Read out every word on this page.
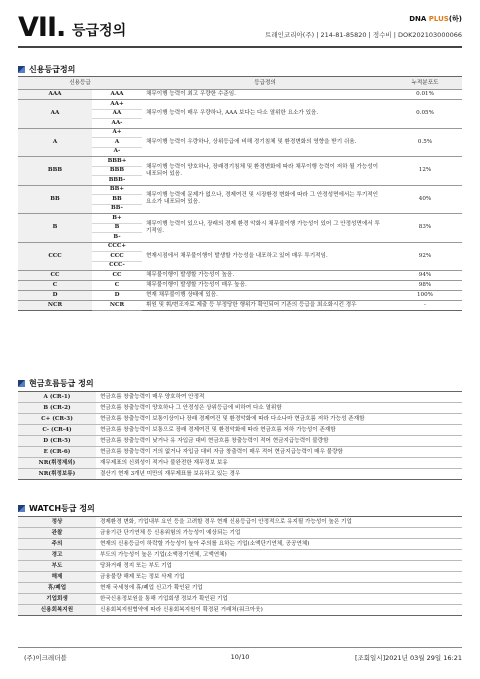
VII. 등급정의
DNA PLUS(하)
트래인코리아(주) | 214-81-85820 | 정수비 | DOK202103000066
신용등급정의
신용등급		등급정의	누적분포도
AAA	AAA	채무이행 능력이 최고 우량한 수준임.	0.01%
AA	AA+	채무이행 능력이 매우 우량하나, AAA 보다는 다소 열위한 요소가 있음.	0.05%
	AA		
	AA-		
A	A+	채무이행 능력이 우량하나, 상위등급에 비해 경기침체 및 환경변화의 영향을 받기 쉬움.	0.5%
	A		
	A-		
BBB	BBB+	채무이행 능력이 양호하나, 장래경기침체 및 환경변화에 따라 채무이행 능력이 저하 될 가능성이 내포되어 있음.	12%
	BBB		
	BBB-		
BB	BB+	채무이행 능력에 문제가 없으나, 경제여건 및 시장환경 변화에 따라 그 안정성면에서는 투기적인 요소가 내포되어 있음.	40%
	BB		
	BB-		
B	B+	채무이행 능력이 있으나, 장래의 경제 환경 악화시 채무불이행 가능성이 있어 그 안정성면에서 투기적임.	83%
	B		
	B-		
CCC	CCC+	현재시점에서 채무불이행이 발생할 가능성을 내포하고 있어 매우 투기적임.	92%
	CCC		
	CCC-		
CC	CC	채무불이행이 발생할 가능성이 높음.	94%
C	C	채무불이행이 발생할 가능성이 매우 높음.	98%
D	D	현재 채무불이행 상태에 있음.	100%
NCR	NCR	휘원 및 휘/변조자료 제출 등 부정당한 행위가 확인되어 기존의 등급을 최소화시킨 경우	-
현금흐름등급 정의
A (CR-1)	현금흐름 창출능력이 매우 양호하여 안정적
B (CR-2)	현금흐름 창출능력이 양호하나 그 안정성은 상위등급에 비하여 다소 열위함
C+ (CR-3)	현금흐름 창출능력이 보통이상이나 장래 경제여건 및 환경악화에 따라 다소나마 현금흐름 저하 가능성 존재함
C- (CR-4)	현금흐름 창출능력이 보통으로 장래 경제여건 및 환경악화에 따라 현금흐름 저하 가능성이 존재함
D (CR-5)	현금흐름 창출능력이 낮거나 유 자입금 대비 현금흐름 창출능력이 적어 현금지급능력이 불량함
E (CR-6)	현금흐름 창출능력이 거의 없거나 자입금 대비 자금 창출력이 매우 적어 현금지급능력이 매우 불량함
NR(휘정제외)	재무제표의 신뢰성이 적거나 불완전한 재무정보 보유
NR(휘정보류)	결산기 현재 3개년 미만의 재무제표를 보유하고 있는 경우
WATCH등급 정의
정상	경제환경 변화, 기업내부 요인 등을 고려할 경우 현재 신용등급이 안정적으로 유지될 가능성이 높은 기업
관찰	금융기관 단기연체 등 신용위험의 가능성이 예상되는 기업
주의	현재의 신용등급이 하락할 가능성이 높아 주의를 요하는 기업(소액단기연체, 공공연체)
경고	부도의 가능성이 높은 기업(소액장기연체, 고액연체)
부도	당좌거래 정지 또는 부도 기업
해제	금융불량 해제 또는 정보 삭제 기업
휴/폐업	현재 국세청에 휴/폐업 신고가 확인된 기업
기업회생	한국신용정보원을 통해 기업회생 정보가 확인된 기업
신용회복지원	신용회복지원협약에 따라 신용회복지원이 확정된 거래처(워크아웃)
(주)이크레더블	10/10	[조회일시]2021년 03월 29일 16:21
